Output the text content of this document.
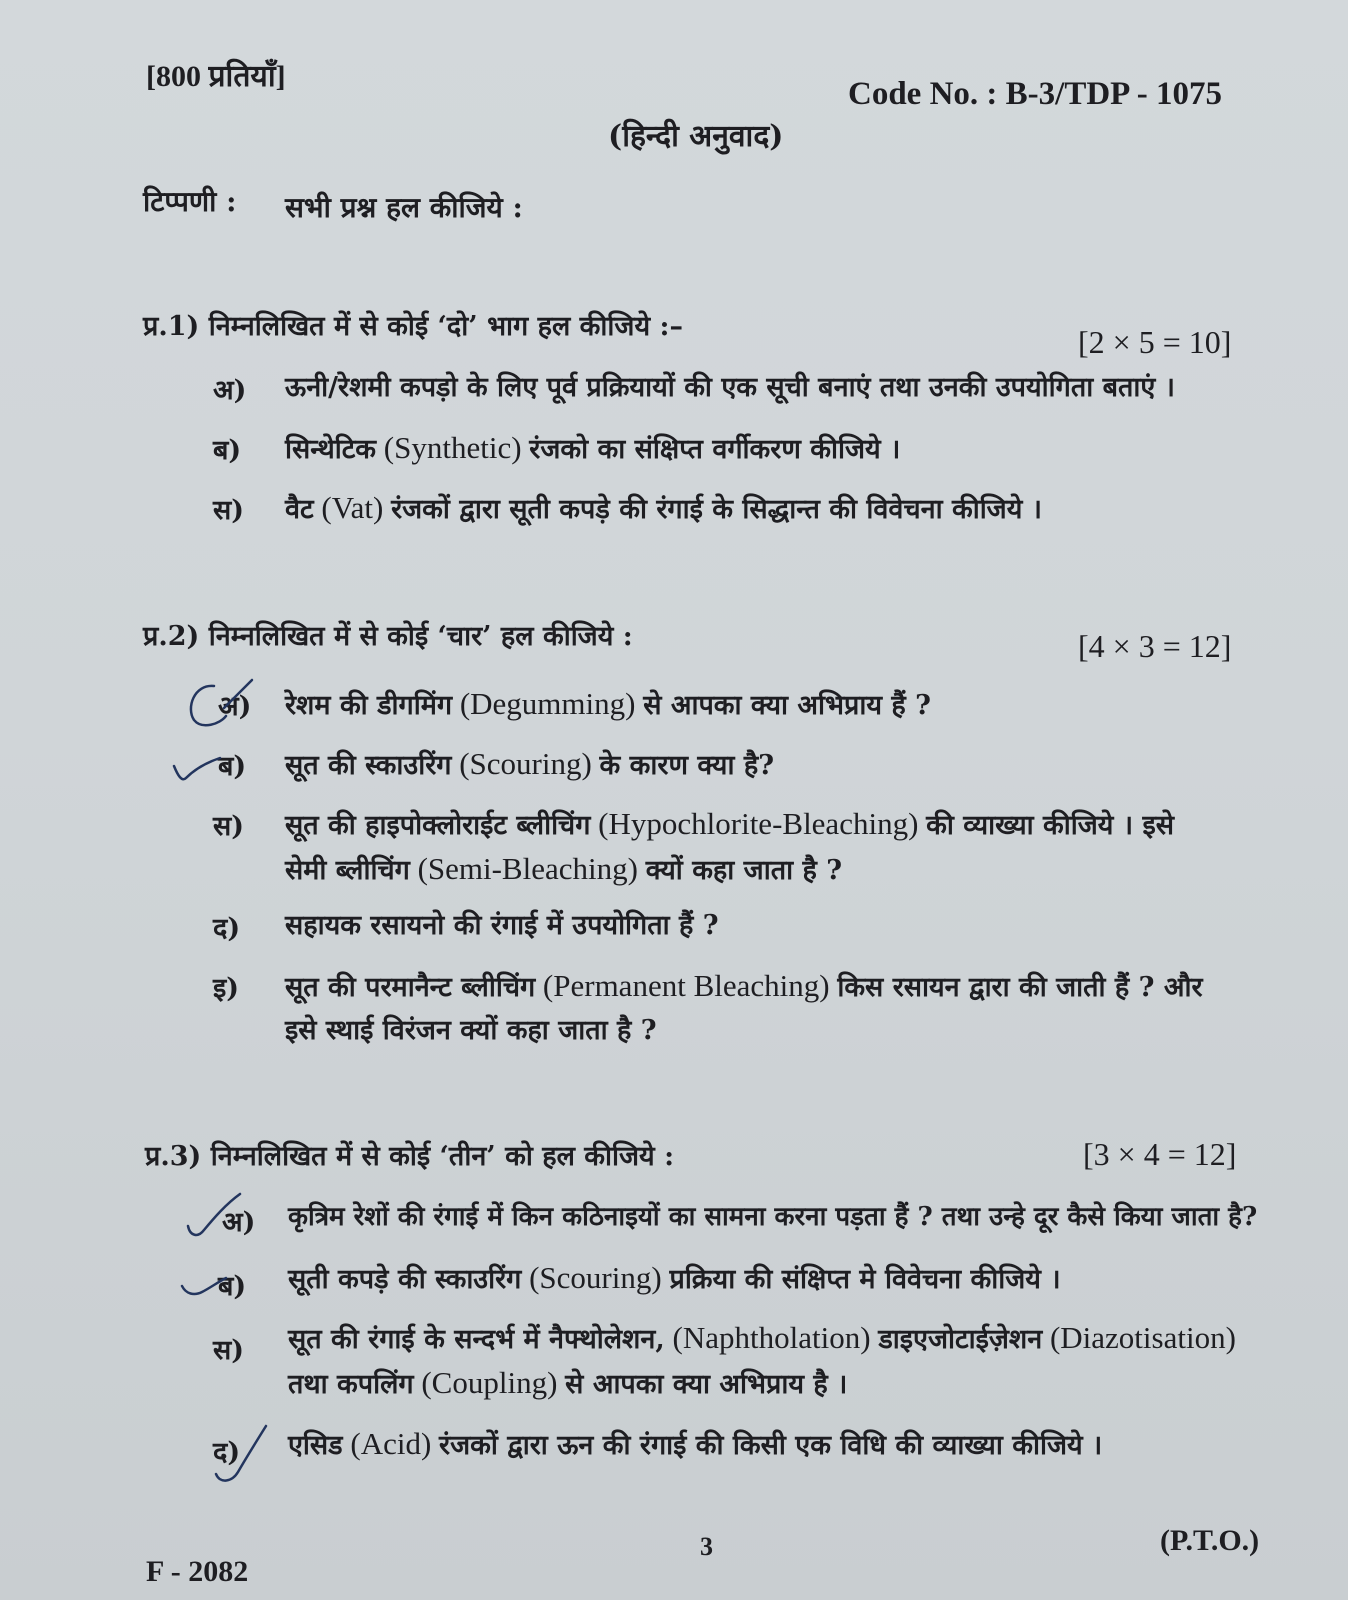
[800 प्रतियाँ]	Code No. : B-3/TDP - 1075
(हिन्दी अनुवाद)
टिप्पणी : सभी प्रश्न हल कीजिये :
प्र.1) निम्नलिखित में से कोई ‘दो’ भाग हल कीजिये :–	[2 × 5 = 10]
अ) ऊनी/रेशमी कपड़ो के लिए पूर्व प्रक्रियायों की एक सूची बनाएं तथा उनकी उपयोगिता बताएं ।
ब) सिन्थेटिक (Synthetic) रंजको का संक्षिप्त वर्गीकरण कीजिये ।
स) वैट (Vat) रंजकों द्वारा सूती कपड़े की रंगाई के सिद्धान्त की विवेचना कीजिये ।
प्र.2) निम्नलिखित में से कोई ‘चार’ हल कीजिये :	[4 × 3 = 12]
अ) रेशम की डीगमिंग (Degumming) से आपका क्या अभिप्राय हैं ?
ब) सूत की स्काउरिंग (Scouring) के कारण क्या है?
स) सूत की हाइपोक्लोराईट ब्लीचिंग (Hypochlorite-Bleaching) की व्याख्या कीजिये । इसे
सेमी ब्लीचिंग (Semi-Bleaching) क्यों कहा जाता है ?
द) सहायक रसायनो की रंगाई में उपयोगिता हैं ?
इ) सूत की परमानैन्ट ब्लीचिंग (Permanent Bleaching) किस रसायन द्वारा की जाती हैं ? और
इसे स्थाई विरंजन क्यों कहा जाता है ?
प्र.3) निम्नलिखित में से कोई ‘तीन’ को हल कीजिये :	[3 × 4 = 12]
अ) कृत्रिम रेशों की रंगाई में किन कठिनाइयों का सामना करना पड़ता हैं ? तथा उन्हे दूर कैसे किया जाता है?
ब) सूती कपड़े की स्काउरिंग (Scouring) प्रक्रिया की संक्षिप्त मे विवेचना कीजिये ।
स) सूत की रंगाई के सन्दर्भ में नैफ्थोलेशन, (Naphtholation) डाइएजोटाईज़ेशन (Diazotisation)
तथा कपलिंग (Coupling) से आपका क्या अभिप्राय है ।
द) एसिड (Acid) रंजकों द्वारा ऊन की रंगाई की किसी एक विधि की व्याख्या कीजिये ।
F - 2082
3	(P.T.O.)
